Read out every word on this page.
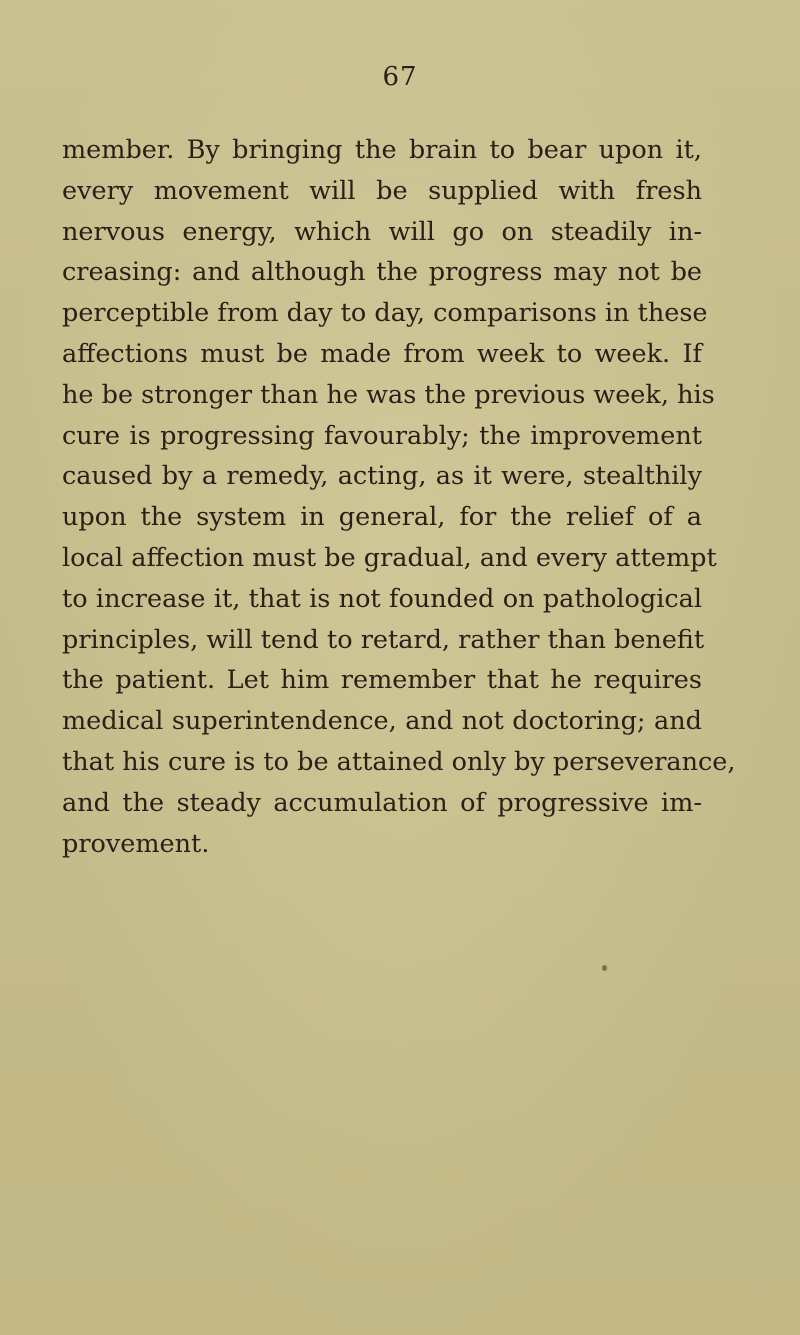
67
member. By bringing the brain to bear upon it,
every movement will be supplied with fresh
nervous energy, which will go on steadily in-
creasing: and although the progress may not be
perceptible from day to day, comparisons in these
affections must be made from week to week. If
he be stronger than he was the previous week, his
cure is progressing favourably; the improvement
caused by a remedy, acting, as it were, stealthily
upon the system in general, for the relief of a
local affection must be gradual, and every attempt
to increase it, that is not founded on pathological
principles, will tend to retard, rather than benefit
the patient. Let him remember that he requires
medical superintendence, and not doctoring; and
that his cure is to be attained only by perseverance,
and the steady accumulation of progressive im-
provement.
